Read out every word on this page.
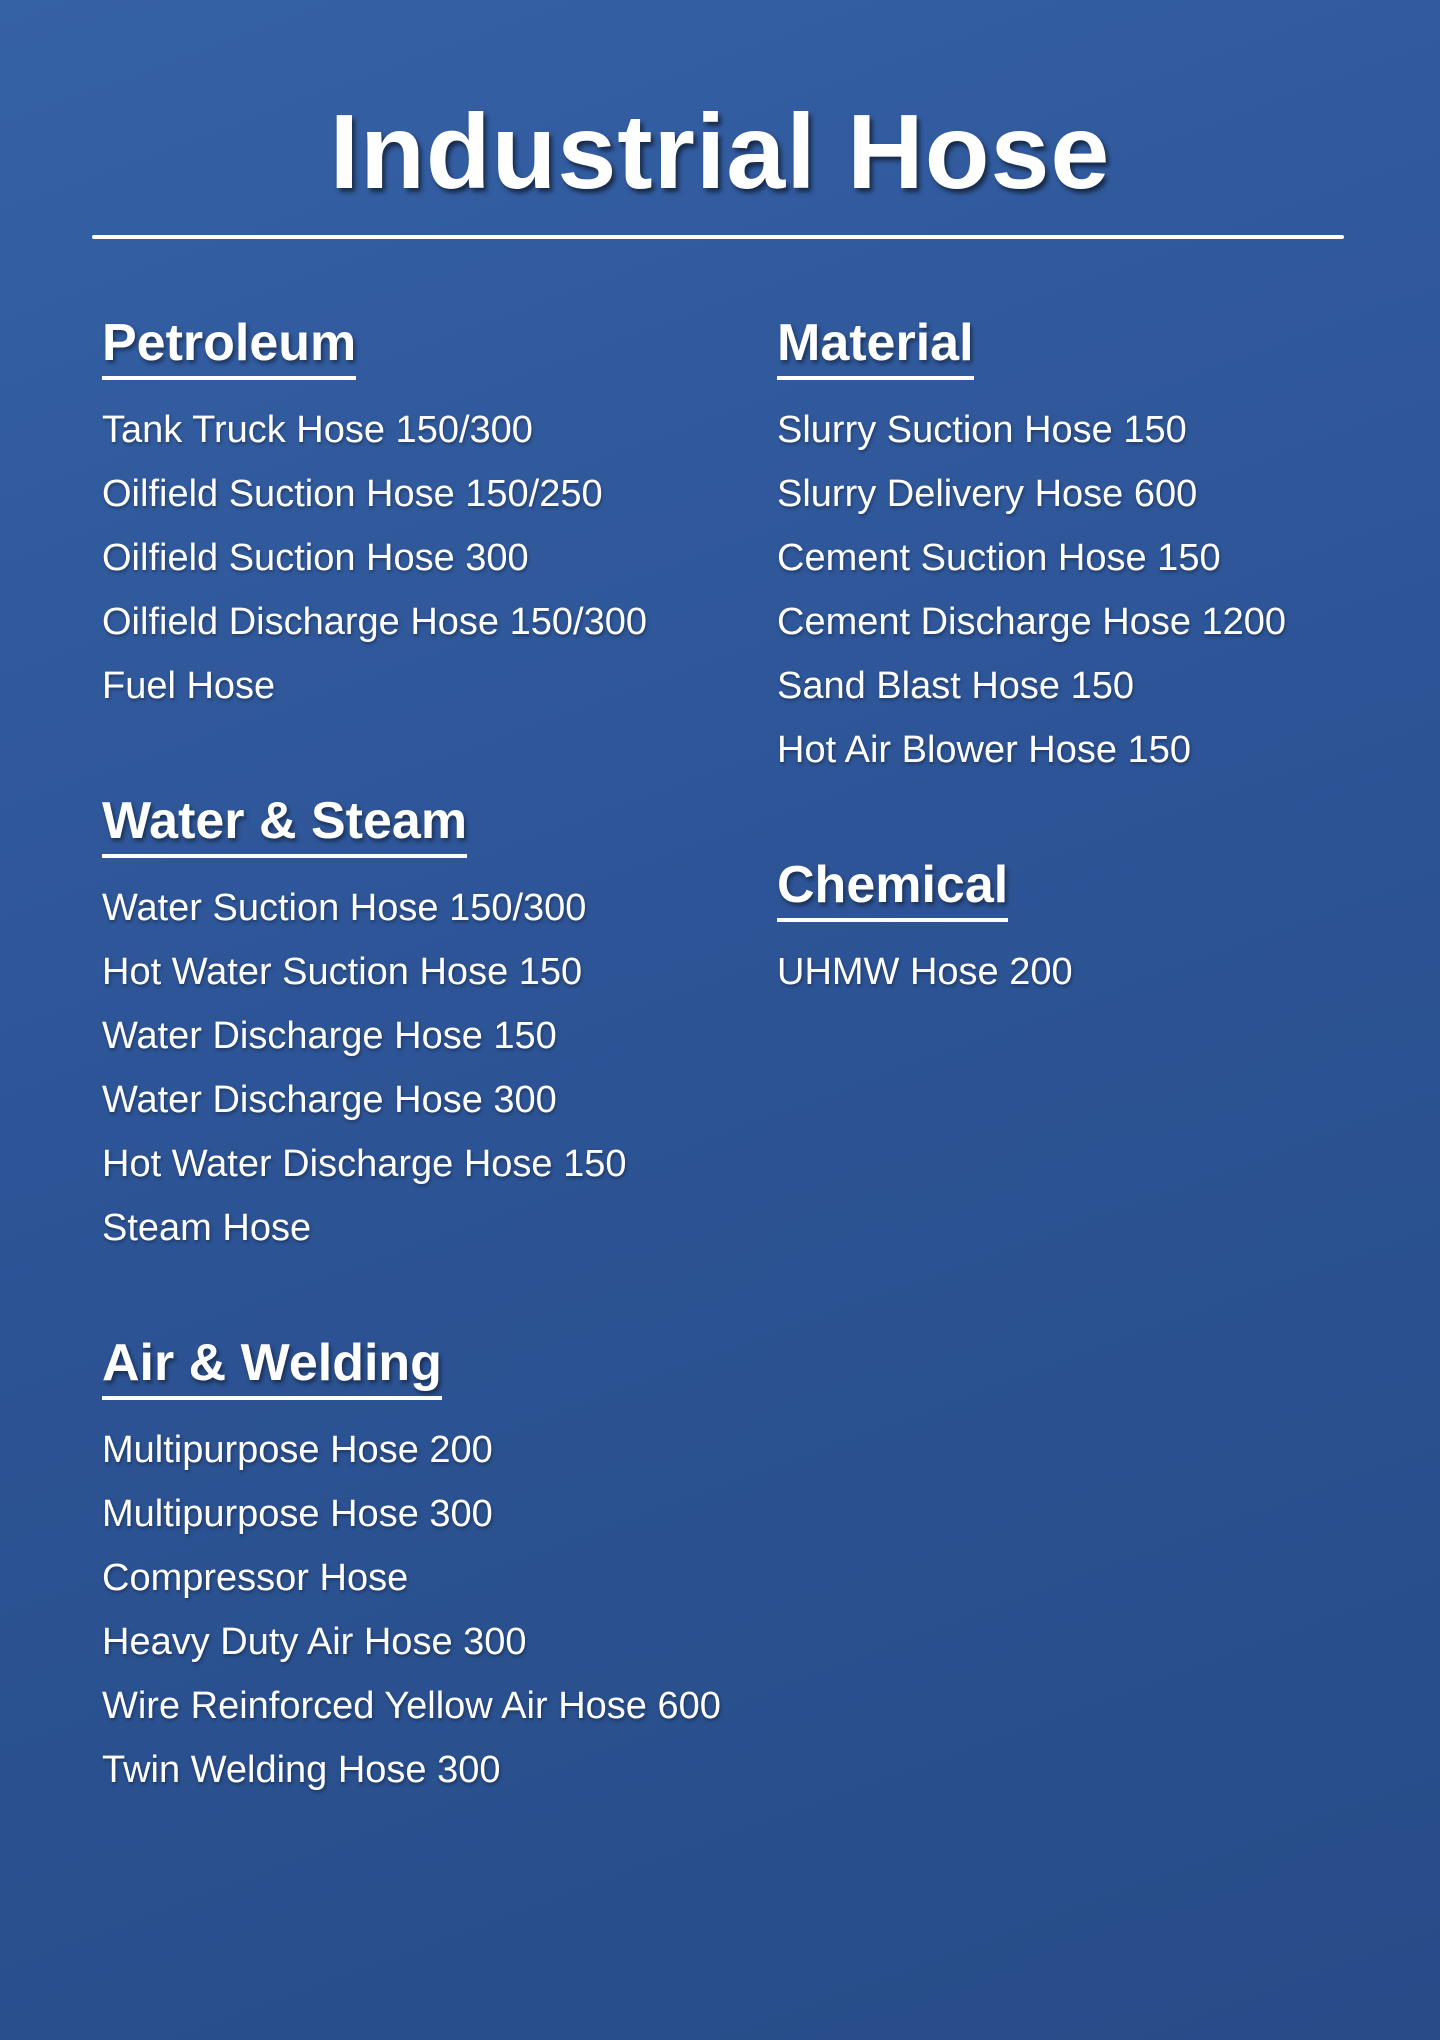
Industrial Hose
Petroleum
Tank Truck Hose 150/300
Oilfield Suction Hose 150/250
Oilfield Suction Hose 300
Oilfield Discharge Hose 150/300
Fuel Hose
Water & Steam
Water Suction Hose 150/300
Hot Water Suction Hose 150
Water Discharge Hose 150
Water Discharge Hose 300
Hot Water Discharge Hose 150
Steam Hose
Air & Welding
Multipurpose Hose 200
Multipurpose Hose 300
Compressor Hose
Heavy Duty Air Hose 300
Wire Reinforced Yellow Air Hose 600
Twin Welding Hose 300
Material
Slurry Suction Hose 150
Slurry Delivery Hose 600
Cement Suction Hose 150
Cement Discharge Hose 1200
Sand Blast Hose 150
Hot Air Blower Hose 150
Chemical
UHMW Hose 200
